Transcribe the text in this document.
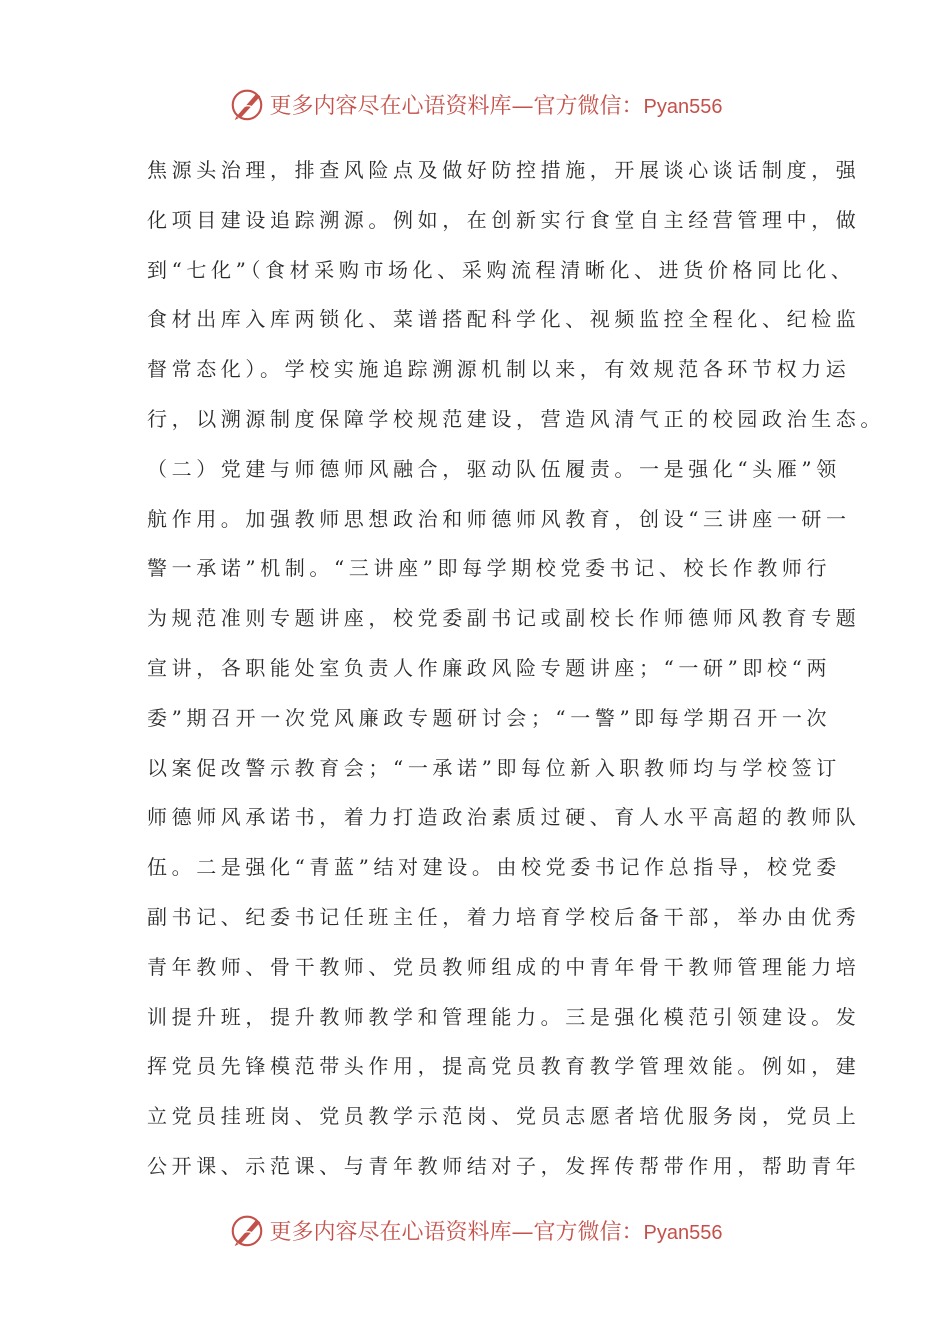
更多内容尽在心语资料库—官方微信：Pyan556
焦源头治理，排查风险点及做好防控措施，开展谈心谈话制度，强
化项目建设追踪溯源。例如，在创新实行食堂自主经营管理中，做
到“七化”（食材采购市场化、采购流程清晰化、进货价格同比化、
食材出库入库两锁化、菜谱搭配科学化、视频监控全程化、纪检监
督常态化）。学校实施追踪溯源机制以来，有效规范各环节权力运
行，以溯源制度保障学校规范建设，营造风清气正的校园政治生态。
（二）党建与师德师风融合，驱动队伍履责。一是强化“头雁”领
航作用。加强教师思想政治和师德师风教育，创设“三讲座一研一
警一承诺”机制。“三讲座”即每学期校党委书记、校长作教师行
为规范准则专题讲座，校党委副书记或副校长作师德师风教育专题
宣讲，各职能处室负责人作廉政风险专题讲座；“一研”即校“两
委”期召开一次党风廉政专题研讨会；“一警”即每学期召开一次
以案促改警示教育会；“一承诺”即每位新入职教师均与学校签订
师德师风承诺书，着力打造政治素质过硬、育人水平高超的教师队
伍。二是强化“青蓝”结对建设。由校党委书记作总指导，校党委
副书记、纪委书记任班主任，着力培育学校后备干部，举办由优秀
青年教师、骨干教师、党员教师组成的中青年骨干教师管理能力培
训提升班，提升教师教学和管理能力。三是强化模范引领建设。发
挥党员先锋模范带头作用，提高党员教育教学管理效能。例如，建
立党员挂班岗、党员教学示范岗、党员志愿者培优服务岗，党员上
公开课、示范课、与青年教师结对子，发挥传帮带作用，帮助青年
更多内容尽在心语资料库—官方微信：Pyan556
